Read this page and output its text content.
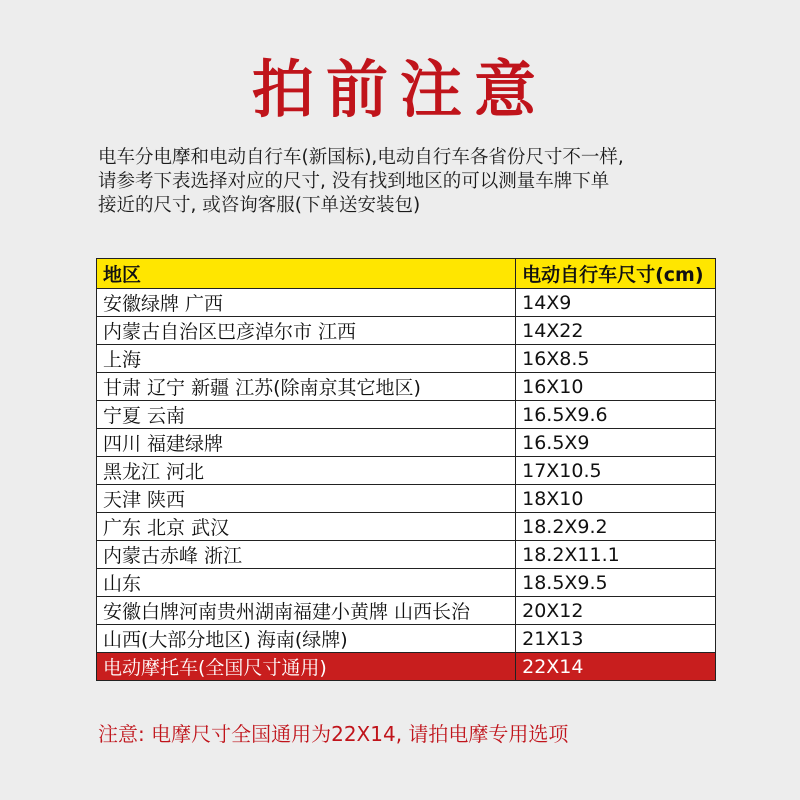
拍前注意
电车分电摩和电动自行车(新国标),电动自行车各省份尺寸不一样,
请参考下表选择对应的尺寸, 没有找到地区的可以测量车牌下单
接近的尺寸, 或咨询客服(下单送安装包)
地区	电动自行车尺寸(cm)
安徽绿牌 广西	14X9
内蒙古自治区巴彦淖尔市 江西	14X22
上海	16X8.5
甘肃 辽宁 新疆 江苏(除南京其它地区)	16X10
宁夏 云南	16.5X9.6
四川 福建绿牌	16.5X9
黑龙江 河北	17X10.5
天津 陕西	18X10
广东 北京 武汉	18.2X9.2
内蒙古赤峰 浙江	18.2X11.1
山东	18.5X9.5
安徽白牌河南贵州湖南福建小黄牌 山西长治	20X12
山西(大部分地区) 海南(绿牌)	21X13
电动摩托车(全国尺寸通用)	22X14
注意: 电摩尺寸全国通用为22X14, 请拍电摩专用选项
